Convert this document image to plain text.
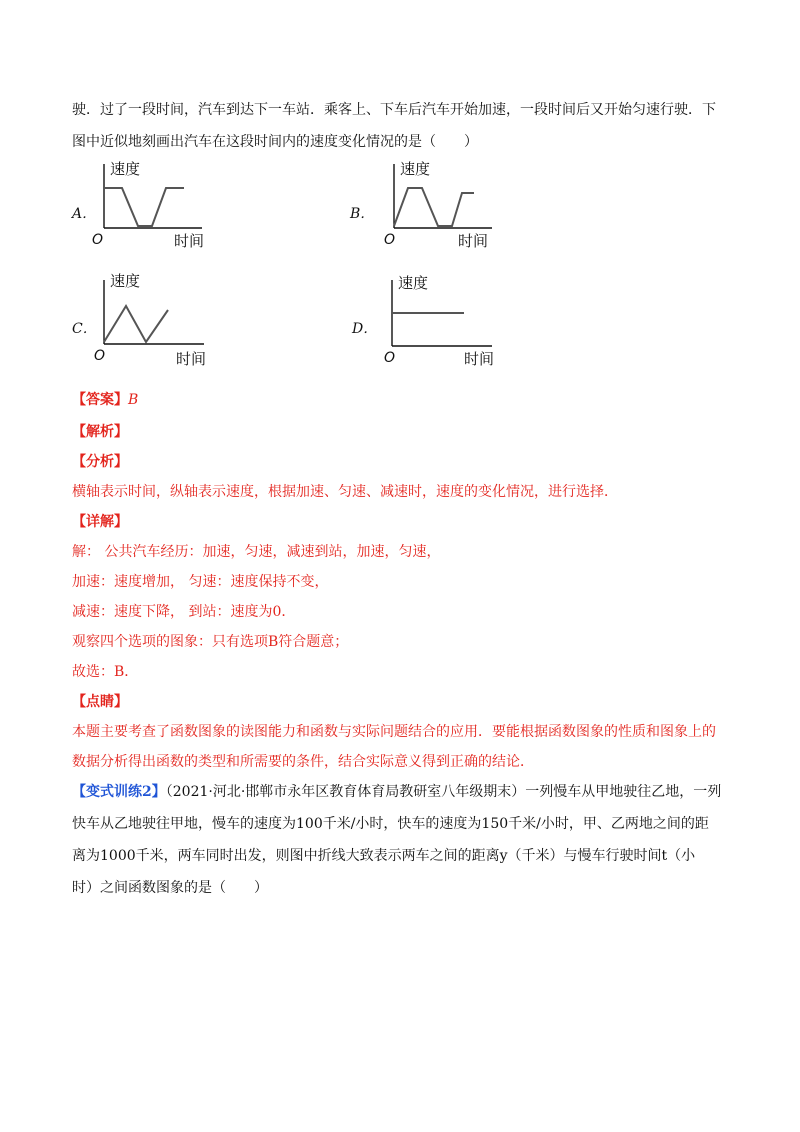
驶．过了一段时间，汽车到达下一车站．乘客上、下车后汽车开始加速，一段时间后又开始匀速行驶．下
图中近似地刻画出汽车在这段时间内的速度变化情况的是（　　）
A．
速度
时间
O
B．
速度
时间
O
C．
速度
时间
O
D．
速度
时间
O
【答案】B
【解析】
【分析】
横轴表示时间，纵轴表示速度，根据加速、匀速、减速时，速度的变化情况，进行选择．
【详解】
解： 公共汽车经历：加速，匀速，减速到站，加速，匀速，
加速：速度增加， 匀速：速度保持不变，
减速：速度下降， 到站：速度为0．
观察四个选项的图象：只有选项B符合题意；
故选：B．
【点睛】
本题主要考查了函数图象的读图能力和函数与实际问题结合的应用．要能根据函数图象的性质和图象上的
数据分析得出函数的类型和所需要的条件，结合实际意义得到正确的结论．
【变式训练2】（2021·河北·邯郸市永年区教育体育局教研室八年级期末）一列慢车从甲地驶往乙地，一列
快车从乙地驶往甲地，慢车的速度为100千米/小时，快车的速度为150千米/小时，甲、乙两地之间的距
离为1000千米，两车同时出发，则图中折线大致表示两车之间的距离y（千米）与慢车行驶时间t（小
时）之间函数图象的是（　　）
